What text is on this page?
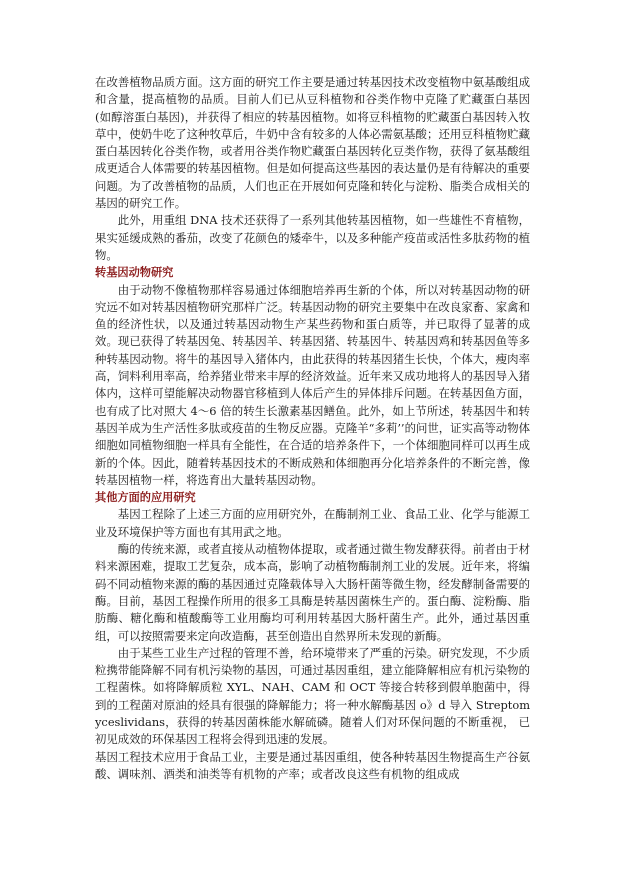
在改善植物品质方面。这方面的研究工作主要是通过转基因技术改变植物中氨基酸组成和含量，提高植物的品质。目前人们已从豆科植物和谷类作物中克隆了贮藏蛋白基因(如醇溶蛋白基因)，并获得了相应的转基因植物。如将豆科植物的贮藏蛋白基因转入牧草中，使奶牛吃了这种牧草后，牛奶中含有较多的人体必需氨基酸；还用豆科植物贮藏蛋白基因转化谷类作物，或者用谷类作物贮藏蛋白基因转化豆类作物，获得了氨基酸组成更适合人体需要的转基因植物。但是如何提高这些基因的表达量仍是有待解决的重要问题。为了改善植物的品质，人们也正在开展如何克隆和转化与淀粉、脂类合成相关的基因的研究工作。

此外，用重组 DNA 技术还获得了一系列其他转基因植物，如一些雄性不育植物，果实延缓成熟的番茄，改变了花颜色的矮牵牛，以及多种能产疫苗或活性多肽药物的植物。

转基因动物研究

由于动物不像植物那样容易通过体细胞培养再生新的个体，所以对转基因动物的研究远不如对转基因植物研究那样广泛。转基因动物的研究主要集中在改良家畜、家禽和鱼的经济性状，以及通过转基因动物生产某些药物和蛋白质等，并已取得了显著的成效。现已获得了转基因兔、转基因羊、转基因猪、转基因牛、转基因鸡和转基因鱼等多种转基因动物。将牛的基因导入猪体内，由此获得的转基因猪生长快，个体大，瘦肉率高，饲料利用率高，给养猪业带来丰厚的经济效益。近年来又成功地将人的基因导入猪体内，这样可望能解决动物器官移植到人体后产生的异体排斥问题。在转基因鱼方面，也有成了比对照大 4～6 倍的转生长激素基因鳝鱼。此外，如上节所述，转基因牛和转基因羊成为生产活性多肽或疫苗的生物反应器。克隆羊“多莉’’的问世，证实高等动物体细胞如同植物细胞一样具有全能性，在合适的培养条件下，一个体细胞同样可以再生成新的个体。因此，随着转基因技术的不断成熟和体细胞再分化培养条件的不断完善，像转基因植物一样，将选育出大量转基因动物。

其他方面的应用研究

基因工程除了上述三方面的应用研究外，在酶制剂工业、食品工业、化学与能源工业及环境保护等方面也有其用武之地。

酶的传统来源，或者直接从动植物体提取，或者通过微生物发酵获得。前者由于材料来源困难，提取工艺复杂，成本高，影响了动植物酶制剂工业的发展。近年来，将编码不同动植物来源的酶的基因通过克隆载体导入大肠杆菌等微生物，经发酵制备需要的酶。目前，基因工程操作所用的很多工具酶是转基因菌株生产的。蛋白酶、淀粉酶、脂肪酶、糖化酶和植酸酶等工业用酶均可利用转基因大肠杆菌生产。此外，通过基因重组，可以按照需要来定向改造酶，甚至创造出自然界所未发现的新酶。

由于某些工业生产过程的管理不善，给环境带来了严重的污染。研究发现，不少质粒携带能降解不同有机污染物的基因，可通过基因重组，建立能降解相应有机污染物的工程菌株。如将降解质粒 XYL、NAH、CAM 和 OCT 等接合转移到假单胞菌中，得到的工程菌对原油的烃具有很强的降解能力；将一种水解酶基因 o》d 导入 Streptomyceslividans，获得的转基因菌株能水解硫磷。随着人们对环保问题的不断重视， 已初见成效的环保基因工程将会得到迅速的发展。

基因工程技术应用于食品工业，主要是通过基因重组，使各种转基因生物提高生产谷氨酸、调味剂、酒类和油类等有机物的产率；或者改良这些有机物的组成成
